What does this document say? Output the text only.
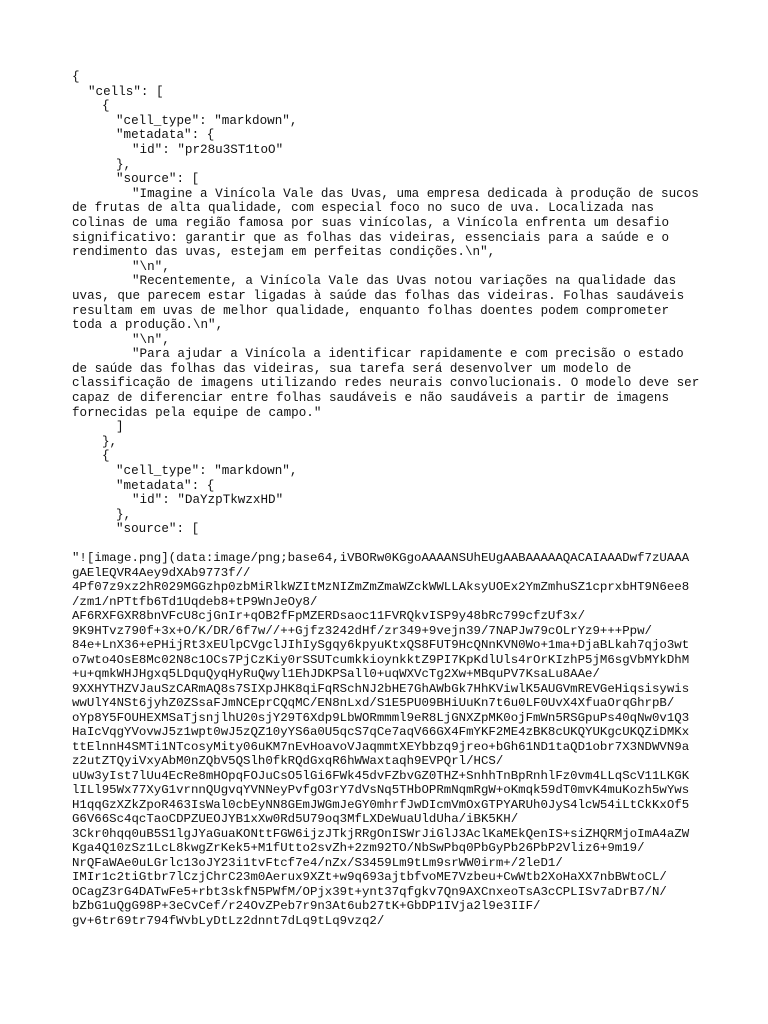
{
"cells": [
{
"cell_type": "markdown",
"metadata": {
"id": "pr28u3ST1toO"
},
"source": [
"Imagine a Vinícola Vale das Uvas, uma empresa dedicada à produção de sucos
de frutas de alta qualidade, com especial foco no suco de uva. Localizada nas
colinas de uma região famosa por suas vinícolas, a Vinícola enfrenta um desafio
significativo: garantir que as folhas das videiras, essenciais para a saúde e o
rendimento das uvas, estejam em perfeitas condições.\n",
"\n",
"Recentemente, a Vinícola Vale das Uvas notou variações na qualidade das
uvas, que parecem estar ligadas à saúde das folhas das videiras. Folhas saudáveis
resultam em uvas de melhor qualidade, enquanto folhas doentes podem comprometer
toda a produção.\n",
"\n",
"Para ajudar a Vinícola a identificar rapidamente e com precisão o estado
de saúde das folhas das videiras, sua tarefa será desenvolver um modelo de
classificação de imagens utilizando redes neurais convolucionais. O modelo deve ser
capaz de diferenciar entre folhas saudáveis e não saudáveis a partir de imagens
fornecidas pela equipe de campo."
]
},
{
"cell_type": "markdown",
"metadata": {
"id": "DaYzpTkwzxHD"
},
"source": [
"![image.png](data:image/png;base64,iVBORw0KGgoAAAANSUhEUgAABAAAAAQACAIAAADwf7zUAAA
gAElEQVR4Aey9dXAb9773f//
4Pf07z9xz2hR029MGGzhp0zbMiRlkWZItMzNIZmZmZmaWZckWWLLAksyUOEx2YmZmhuSZ1cprxbHT9N6ee8
/zm1/nPTtfb6Td1Uqdeb8+tP9WnJeOy8/
AF6RXFGXR8bnVFcU8cjGnIr+qOB2fFpMZERDsaoc11FVRQkvISP9y48bRc799cfzUf3x/
9K9HTvz790f+3x+O/K/DR/6f7w//++Gjfz3242dHf/zr349+9vejn39/7NAPJw79cOLrYz9+++Ppw/
84e+LnX36+ePHijRt3xEUlpCVgclJIhIySgqy6kpyuKtxQS8FUT9HcQNnKVN0Wo+1ma+DjaBLkah7qjo3wt
o7wto4OsE8Mc02N8c1OCs7PjCzKiy0rSSUTcumkkioynkktZ9PI7KpKdlUls4rOrKIzhP5jM6sgVbMYkDhM
+u+qmkWHJHgxq5LDquQyqHyRuQwyl1EhJDKPSall0+uqWXVcTg2Xw+MBquPV7KsaLu8AAe/
9XXHYTHZVJauSzCARmAQ8s7SIXpJHK8qiFqRSchNJ2bHE7GhAWbGk7HhKViwlK5AUGVmREVGeHiqsisywis
wwUlY4NSt6jyhZ0ZSsaFJmNCEprCQqMC/EN8nLxd/S1E5PU09BHiUuKn7t6u0LF0UvX4XfuaOrqGhrpB/
oYp8Y5FOUHEXMSaTjsnjlhU20sjY29T6Xdp9LbWORmmml9eR8LjGNXZpMK0ojFmWn5RSGpuPs40qNw0v1Q3
HaIcVqgYVovwJ5z1wpt0wJ5zQZ10yYS6a0U5qcS7qCe7aqV66GX4FmYKF2ME4zBK8cUKQYUKgcUKQZiDMKx
ttElnnH4SMTi1NTcosyMity06uKM7nEvHoavoVJaqmmtXEYbbzq9jreo+bGh61ND1taQD1obr7X3NDWVN9a
z2utZTQyiVxyAbM0nZQbV5QSlh0fkRQdGxqR6hWWaxtaqh9EVPQrl/HCS/
uUw3yIst7lUu4EcRe8mHOpqFOJuCsO5lGi6FWk45dvFZbvGZ0THZ+SnhhTnBpRnhlFz0vm4LLqScV11LKGK
lILl95Wx77XyG1vrnnQUgvqYVNNeyPvfgO3rY7dVsNq5THbOPRmNqmRgW+oKmqk59dT0mvK4muKozh5wYws
H1qqGzXZkZpoR463IsWal0cbEyNN8GEmJWGmJeGY0mhrfJwDIcmVmOxGTPYARUh0JyS4lcW54iLtCkKxOf5
G6V66Sc4qcTaoCDPZUEOJYB1xXw0Rd5U79oq3MfLXDeWuaUldUha/iBK5KH/
3Ckr0hqq0uB5S1lgJYaGuaKONttFGW6ijzJTkjRRgOnISWrJiGlJ3AclKaMEkQenIS+siZHQRMjoImA4aZW
Kga4Q10zSz1LcL8kwgZrKek5+M1fUtto2svZh+2zm92TO/NbSwPbq0PbGyPb26PbP2Vliz6+9m19/
NrQFaWAe0uLGrlc13oJY23i1tvFtcf7e4/nZx/S3459Lm9tLm9srWW0irm+/2leD1/
IMIr1c2tiGtbr7lCzjChrC23m0Aerux9XZt+w9q693ajtbfvoME7Vzbeu+CwWtb2XoHaXX7nbBWtoCL/
OCagZ3rG4DATwFe5+rbt3skfN5PWfM/OPjx39t+ynt37qfgkv7Qn9AXCnxeoTsA3cCPLISv7aDrB7/N/
bZbG1uQgG98P+3eCvCef/r24OvZPeb7r9n3At6ub27tK+GbDP1IVja2l9e3IIF/
gv+6tr69tr794fWvbLyDtLz2dnnt7dLq9tLq9vzq2/
